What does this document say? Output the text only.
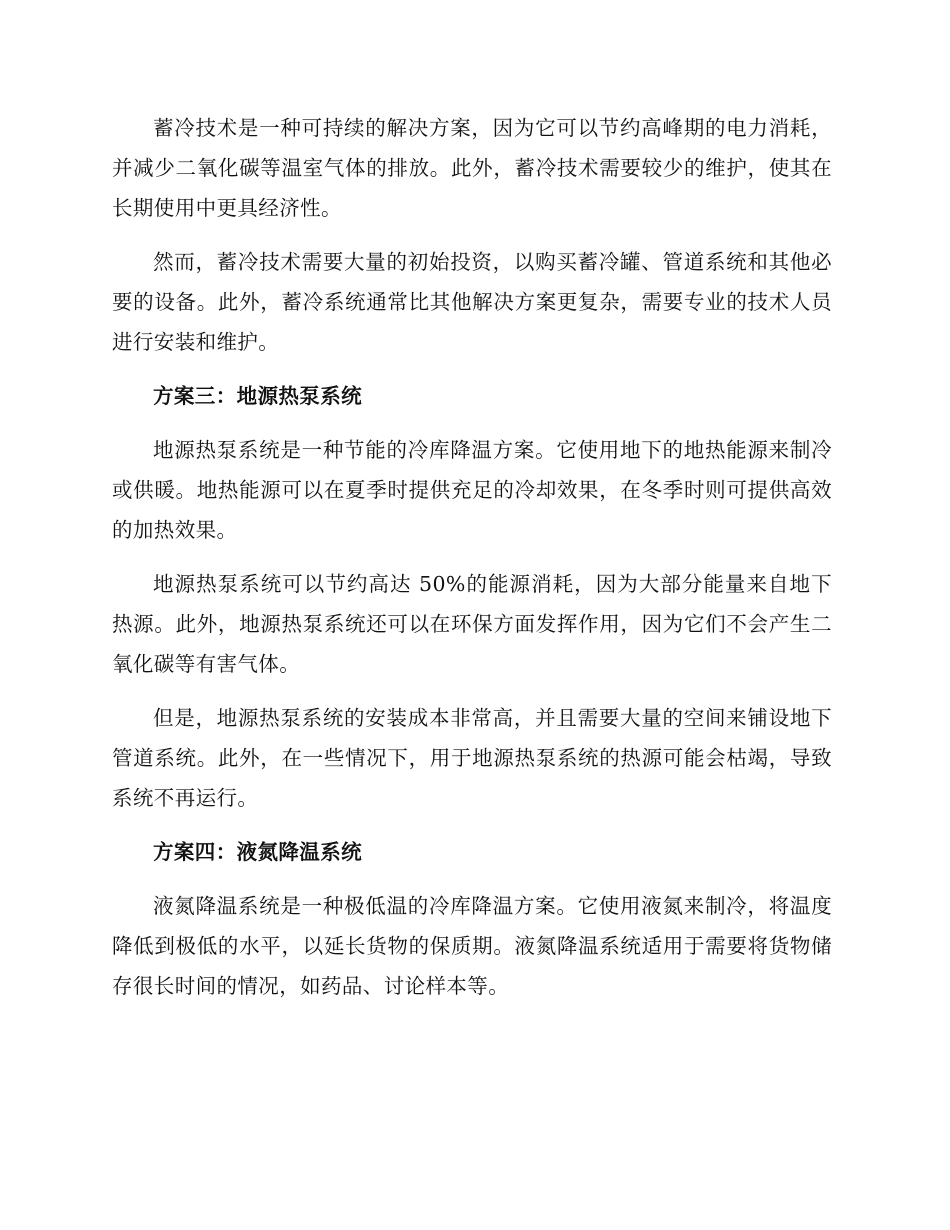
蓄冷技术是一种可持续的解决方案，因为它可以节约高峰期的电力消耗，并减少二氧化碳等温室气体的排放。此外，蓄冷技术需要较少的维护，使其在长期使用中更具经济性。

然而，蓄冷技术需要大量的初始投资，以购买蓄冷罐、管道系统和其他必要的设备。此外，蓄冷系统通常比其他解决方案更复杂，需要专业的技术人员进行安装和维护。

方案三：地源热泵系统

地源热泵系统是一种节能的冷库降温方案。它使用地下的地热能源来制冷或供暖。地热能源可以在夏季时提供充足的冷却效果，在冬季时则可提供高效的加热效果。

地源热泵系统可以节约高达 50%的能源消耗，因为大部分能量来自地下热源。此外，地源热泵系统还可以在环保方面发挥作用，因为它们不会产生二氧化碳等有害气体。

但是，地源热泵系统的安装成本非常高，并且需要大量的空间来铺设地下管道系统。此外，在一些情况下，用于地源热泵系统的热源可能会枯竭，导致系统不再运行。

方案四：液氮降温系统

液氮降温系统是一种极低温的冷库降温方案。它使用液氮来制冷，将温度降低到极低的水平，以延长货物的保质期。液氮降温系统适用于需要将货物储存很长时间的情况，如药品、讨论样本等。
